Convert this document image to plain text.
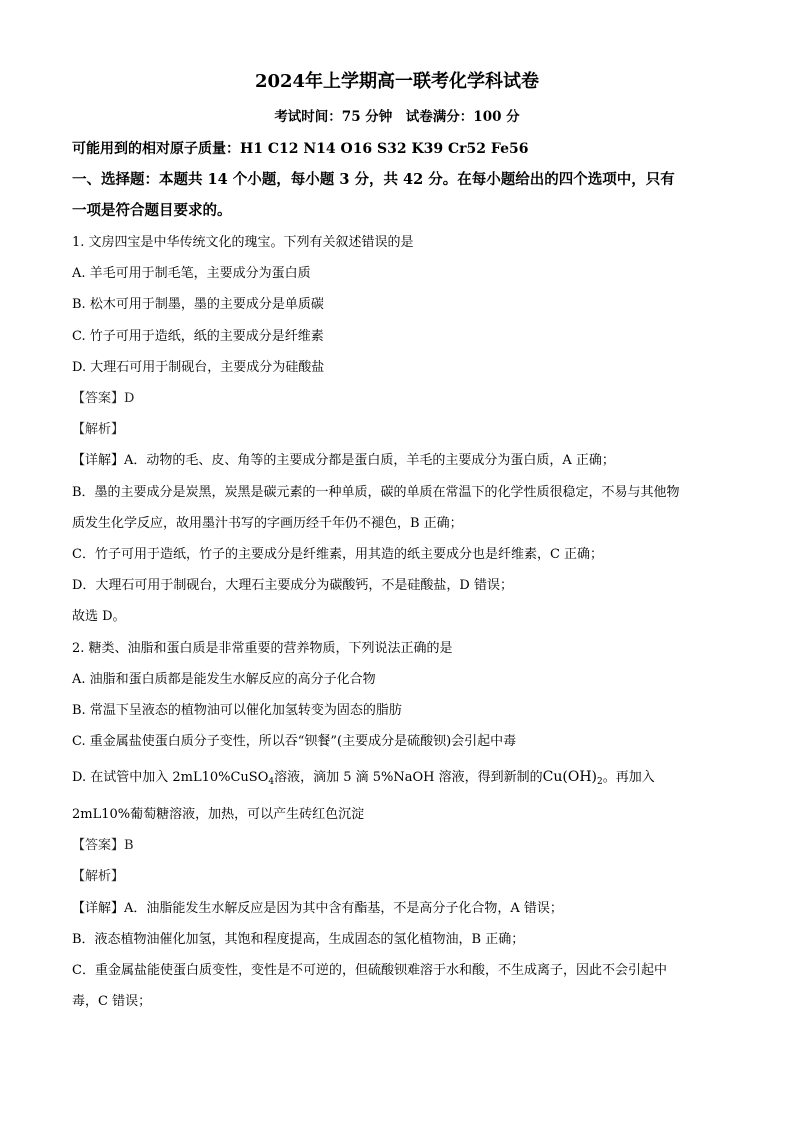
2024年上学期高一联考化学科试卷
考试时间：75 分钟　试卷满分：100 分
可能用到的相对原子质量：H1 C12 N14 O16 S32 K39 Cr52 Fe56
一、选择题：本题共 14 个小题，每小题 3 分，共 42 分。在每小题给出的四个选项中，只有
一项是符合题目要求的。
1. 文房四宝是中华传统文化的瑰宝。下列有关叙述错误的是
A. 羊毛可用于制毛笔，主要成分为蛋白质
B. 松木可用于制墨，墨的主要成分是单质碳
C. 竹子可用于造纸，纸的主要成分是纤维素
D. 大理石可用于制砚台，主要成分为硅酸盐
【答案】D
【解析】
【详解】A．动物的毛、皮、角等的主要成分都是蛋白质，羊毛的主要成分为蛋白质，A 正确；
B．墨的主要成分是炭黑，炭黑是碳元素的一种单质，碳的单质在常温下的化学性质很稳定，不易与其他物
质发生化学反应，故用墨汁书写的字画历经千年仍不褪色，B 正确；
C．竹子可用于造纸，竹子的主要成分是纤维素，用其造的纸主要成分也是纤维素，C 正确；
D．大理石可用于制砚台，大理石主要成分为碳酸钙，不是硅酸盐，D 错误；
故选 D。
2. 糖类、油脂和蛋白质是非常重要的营养物质，下列说法正确的是
A. 油脂和蛋白质都是能发生水解反应的高分子化合物
B. 常温下呈液态的植物油可以催化加氢转变为固态的脂肪
C. 重金属盐使蛋白质分子变性，所以吞“钡餐”(主要成分是硫酸钡)会引起中毒
D. 在试管中加入 2mL10%CuSO$_4$溶液，滴加 5 滴 5%NaOH 溶液，得到新制的$Cu(OH)_2$。再加入
2mL10%葡萄糖溶液，加热，可以产生砖红色沉淀
【答案】B
【解析】
【详解】A．油脂能发生水解反应是因为其中含有酯基，不是高分子化合物，A 错误；
B．液态植物油催化加氢，其饱和程度提高，生成固态的氢化植物油，B 正确；
C．重金属盐能使蛋白质变性，变性是不可逆的，但硫酸钡难溶于水和酸，不生成离子，因此不会引起中
毒，C 错误；
